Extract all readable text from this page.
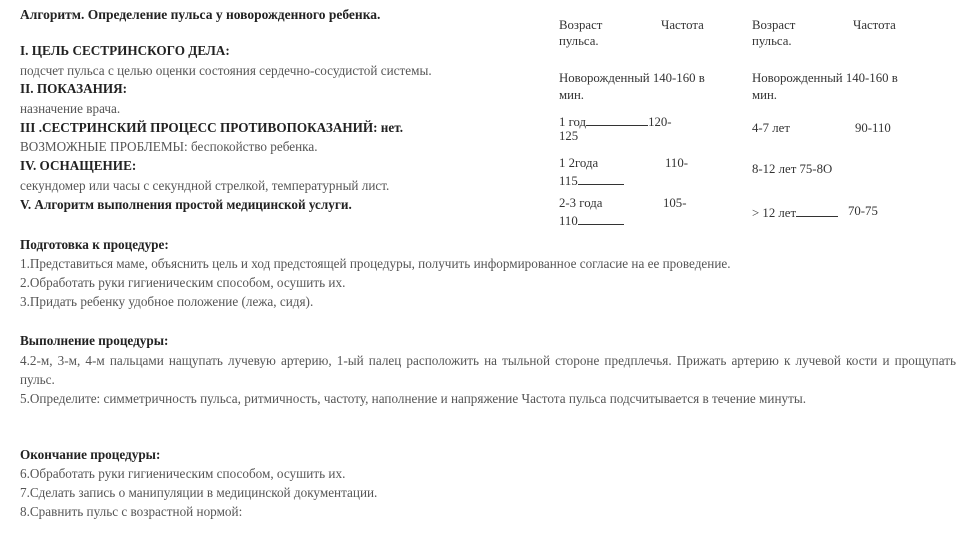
Алгоритм. Определение пульса у новорожденного ребенка.
I. ЦЕЛЬ СЕСТРИНСКОГО ДЕЛА:
подсчет пульса с целью оценки состояния сердечно-сосудистой системы.
II. ПОКАЗАНИЯ:
назначение врача.
III .СЕСТРИНСКИЙ ПРОЦЕСС ПРОТИВОПОКАЗАНИЙ: нет.
ВОЗМОЖНЫЕ ПРОБЛЕМЫ: беспокойство ребенка.
IV. ОСНАЩЕНИЕ:
секундомер или часы с секундной стрелкой, температурный лист.
V. Алгоритм выполнения простой медицинской услуги.
Возраст
пульса.
Частота
Новорожденный 140-160 в
мин.
1 год	120-
125
1 2года	110-
115
2-3 года	105-
110
Возраст
пульса.
Частота
Новорожденный 140-160 в
мин.
4-7 лет	90-110
8-12 лет 75-8О
> 12 лет	70-75
Подготовка к процедуре:
1.Представиться маме, объяснить цель и ход предстоящей процедуры, получить информированное согласие на ее проведение.
2.Обработать руки гигиеническим способом, осушить их.
3.Придать ребенку удобное положение (лежа, сидя).
Выполнение процедуры:
4.2-м, 3-м, 4-м пальцами нащупать лучевую артерию, 1-ый палец расположить на тыльной стороне предплечья. Прижать артерию к лучевой кости и прощупать пульс.
5.Определите: симметричность пульса, ритмичность, частоту, наполнение и напряжение Частота пульса подсчитывается в течение минуты.
Окончание процедуры:
6.Обработать руки гигиеническим способом, осушить их.
7.Сделать запись о манипуляции в медицинской документации.
8.Сравнить пульс с возрастной нормой:
